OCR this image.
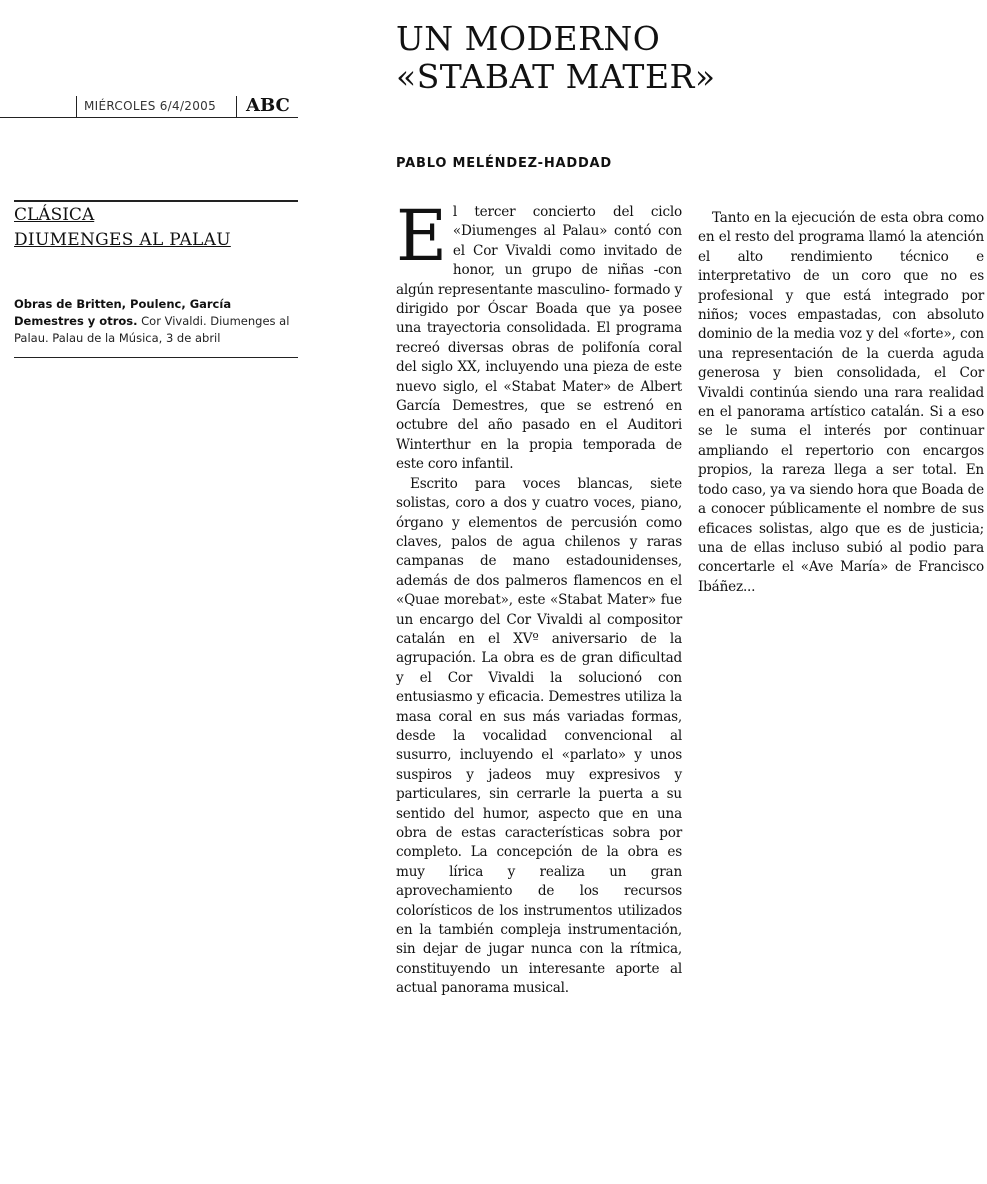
MIÉRCOLES 6/4/2005 ABC
CLÁSICA
DIUMENGES AL PALAU
Obras de Britten, Poulenc, García Demestres y otros. Cor Vivaldi. Diumenges al Palau. Palau de la Música, 3 de abril
UN MODERNO «STABAT MATER»
PABLO MELÉNDEZ-HADDAD

El tercer concierto del ciclo «Diumenges al Palau» contó con el Cor Vivaldi como invitado de honor, un grupo de niñas -con algún representante masculino- formado y dirigido por Óscar Boada que ya posee una trayectoria consolidada. El programa recreó diversas obras de polifonía coral del siglo XX, incluyendo una pieza de este nuevo siglo, el «Stabat Mater» de Albert García Demestres, que se estrenó en octubre del año pasado en el Auditori Winterthur en la propia temporada de este coro infantil.

Escrito para voces blancas, siete solistas, coro a dos y cuatro voces, piano, órgano y elementos de percusión como claves, palos de agua chilenos y raras campanas de mano estadounidenses, además de dos palmeros flamencos en el «Quae morebat», este «Stabat Mater» fue un encargo del Cor Vivaldi al compositor catalán en el XVº aniversario de la agrupación. La obra es de gran dificultad y el Cor Vivaldi la solucionó con entusiasmo y eficacia. Demestres utiliza la masa coral en sus más variadas formas, desde la vocalidad convencional al susurro, incluyendo el «parlato» y unos suspiros y jadeos muy expresivos y particulares, sin cerrarle la puerta a su sentido del humor, aspecto que en una obra de estas características sobra por completo. La concepción de la obra es muy lírica y realiza un gran aprovechamiento de los recursos colorísticos de los instrumentos utilizados en la también compleja instrumentación, sin dejar de jugar nunca con la rítmica, constituyendo un interesante aporte al actual panorama musical.

Tanto en la ejecución de esta obra como en el resto del programa llamó la atención el alto rendimiento técnico e interpretativo de un coro que no es profesional y que está integrado por niños; voces empastadas, con absoluto dominio de la media voz y del «forte», con una representación de la cuerda aguda generosa y bien consolidada, el Cor Vivaldi continúa siendo una rara realidad en el panorama artístico catalán. Si a eso se le suma el interés por continuar ampliando el repertorio con encargos propios, la rareza llega a ser total. En todo caso, ya va siendo hora que Boada de a conocer públicamente el nombre de sus eficaces solistas, algo que es de justicia; una de ellas incluso subió al podio para concertarle el «Ave María» de Francisco Ibáñez...
